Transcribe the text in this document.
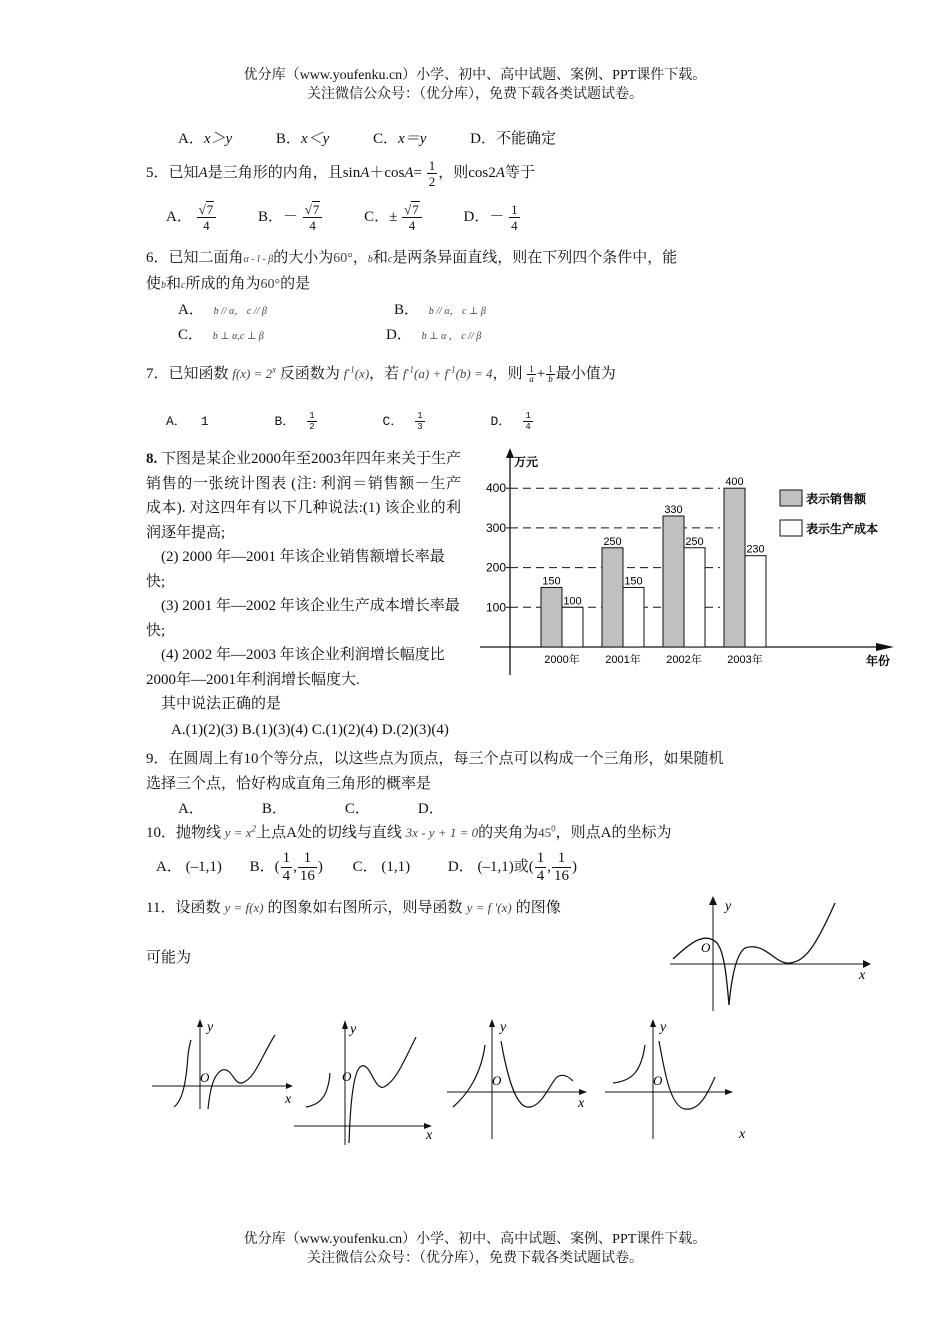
优分库（www.youfenku.cn）小学、初中、高中试题、案例、PPT课件下载。
关注微信公众号：（优分库），免费下载各类试题试卷。
A．x＞y	B．x＜y	C．x＝y	D．不能确定
5．已知A是三角形的内角，且$\sin A+\cos A= \frac{1}{2}$ ，则cos2A等于
A． $\frac{√7}{4}$	B．－ $\frac{√7}{4}$	C．± $\frac{√7}{4}$	D．－ $\frac{1}{4}$
6．已知二面角α - l - β的大小为60°，b和c是两条异面直线，则在下列四个条件中，能
使b和c所成的角为60°的是
A． b // α， c // β	B． b // α， c ⊥ β
C． b ⊥ α,c ⊥ β	D． b ⊥ α ， c // β
7．已知函数 $f(x) = 2^x$ 反函数为 $f^{-1}(x)$，若 $f^{-1}(a) + f^{-1}(b) = 4$，则 $\frac{1}{a} + \frac{1}{b}$ 最小值为
A． 1	B． $\frac{1}{2}$	C． $\frac{1}{3}$	D． $\frac{1}{4}$
8. 下图是某企业2000年至2003年四年来关于生产销售的一张统计图表 (注: 利润＝销售额－生产成本). 对这四年有以下几种说法:(1) 该企业的利润逐年提高;
(2) 2000 年—2001 年该企业销售额增长率最快;
(3) 2001 年—2002 年该企业生产成本增长率最快;
(4) 2002 年—2003 年该企业利润增长幅度比2000年—2001年利润增长幅度大.
其中说法正确的是
A.(1)(2)(3) B.(1)(3)(4) C.(1)(2)(4) D.(2)(3)(4)
万元
年份
100
200
300
400
150
100
2000年
250
150
2001年
330
250
2002年
400
230
2003年
表示销售额
表示生产成本
9．在圆周上有10个等分点，以这些点为顶点，每三个点可以构成一个三角形，如果随机
选择三个点，恰好构成直角三角形的概率是
A．	B．	C．	D．
10．抛物线 $y = x^2$上点A处的切线与直线 3x - y + 1 = 0的夹角为$45^0$，则点A的坐标为
A． (–1,1) B．( $\frac{1}{4}$ , $\frac{1}{16}$ ) C． (1,1)	D． (–1,1)或( $\frac{1}{4}$ , $\frac{1}{16}$ )
11．设函数 y = f(x) 的图象如右图所示，则导函数 y = f ′(x) 的图像
可能为
x
y
O
x
y
O
x
y
O
x
y
O
x
y
O
优分库（www.youfenku.cn）小学、初中、高中试题、案例、PPT课件下载。
关注微信公众号：（优分库），免费下载各类试题试卷。
